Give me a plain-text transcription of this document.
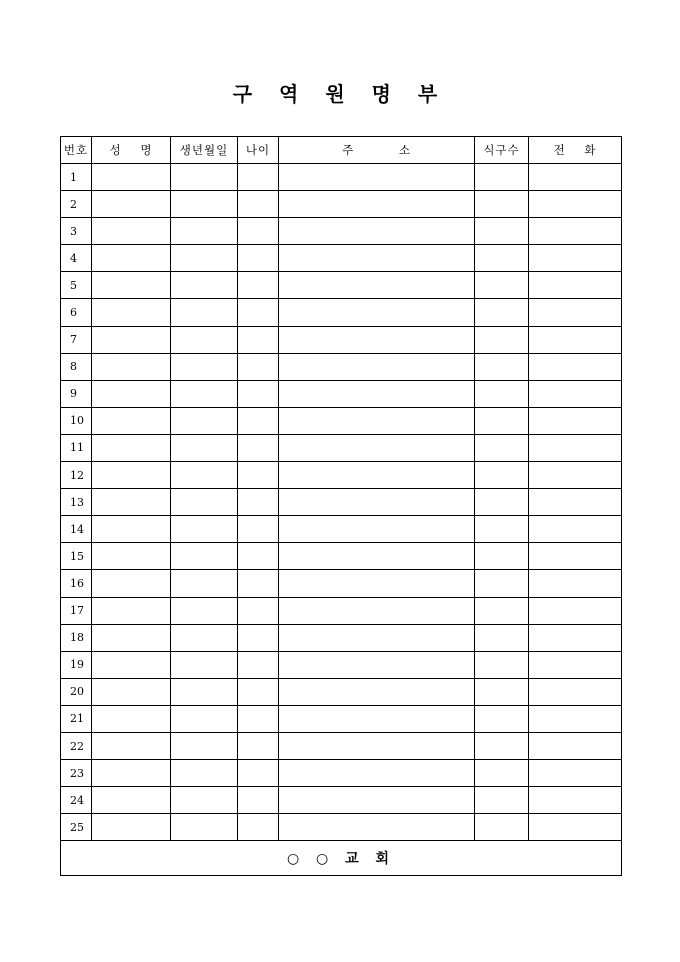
구 역 원 명 부
번호	성 명	생년월일	나이	주 소	식구수	전 화
1						
2						
3						
4						
5						
6						
7						
8						
9						
10						
11						
12						
13						
14						
15						
16						
17						
18						
19						
20						
21						
22						
23						
24						
25						
○ ○ 교 회						
